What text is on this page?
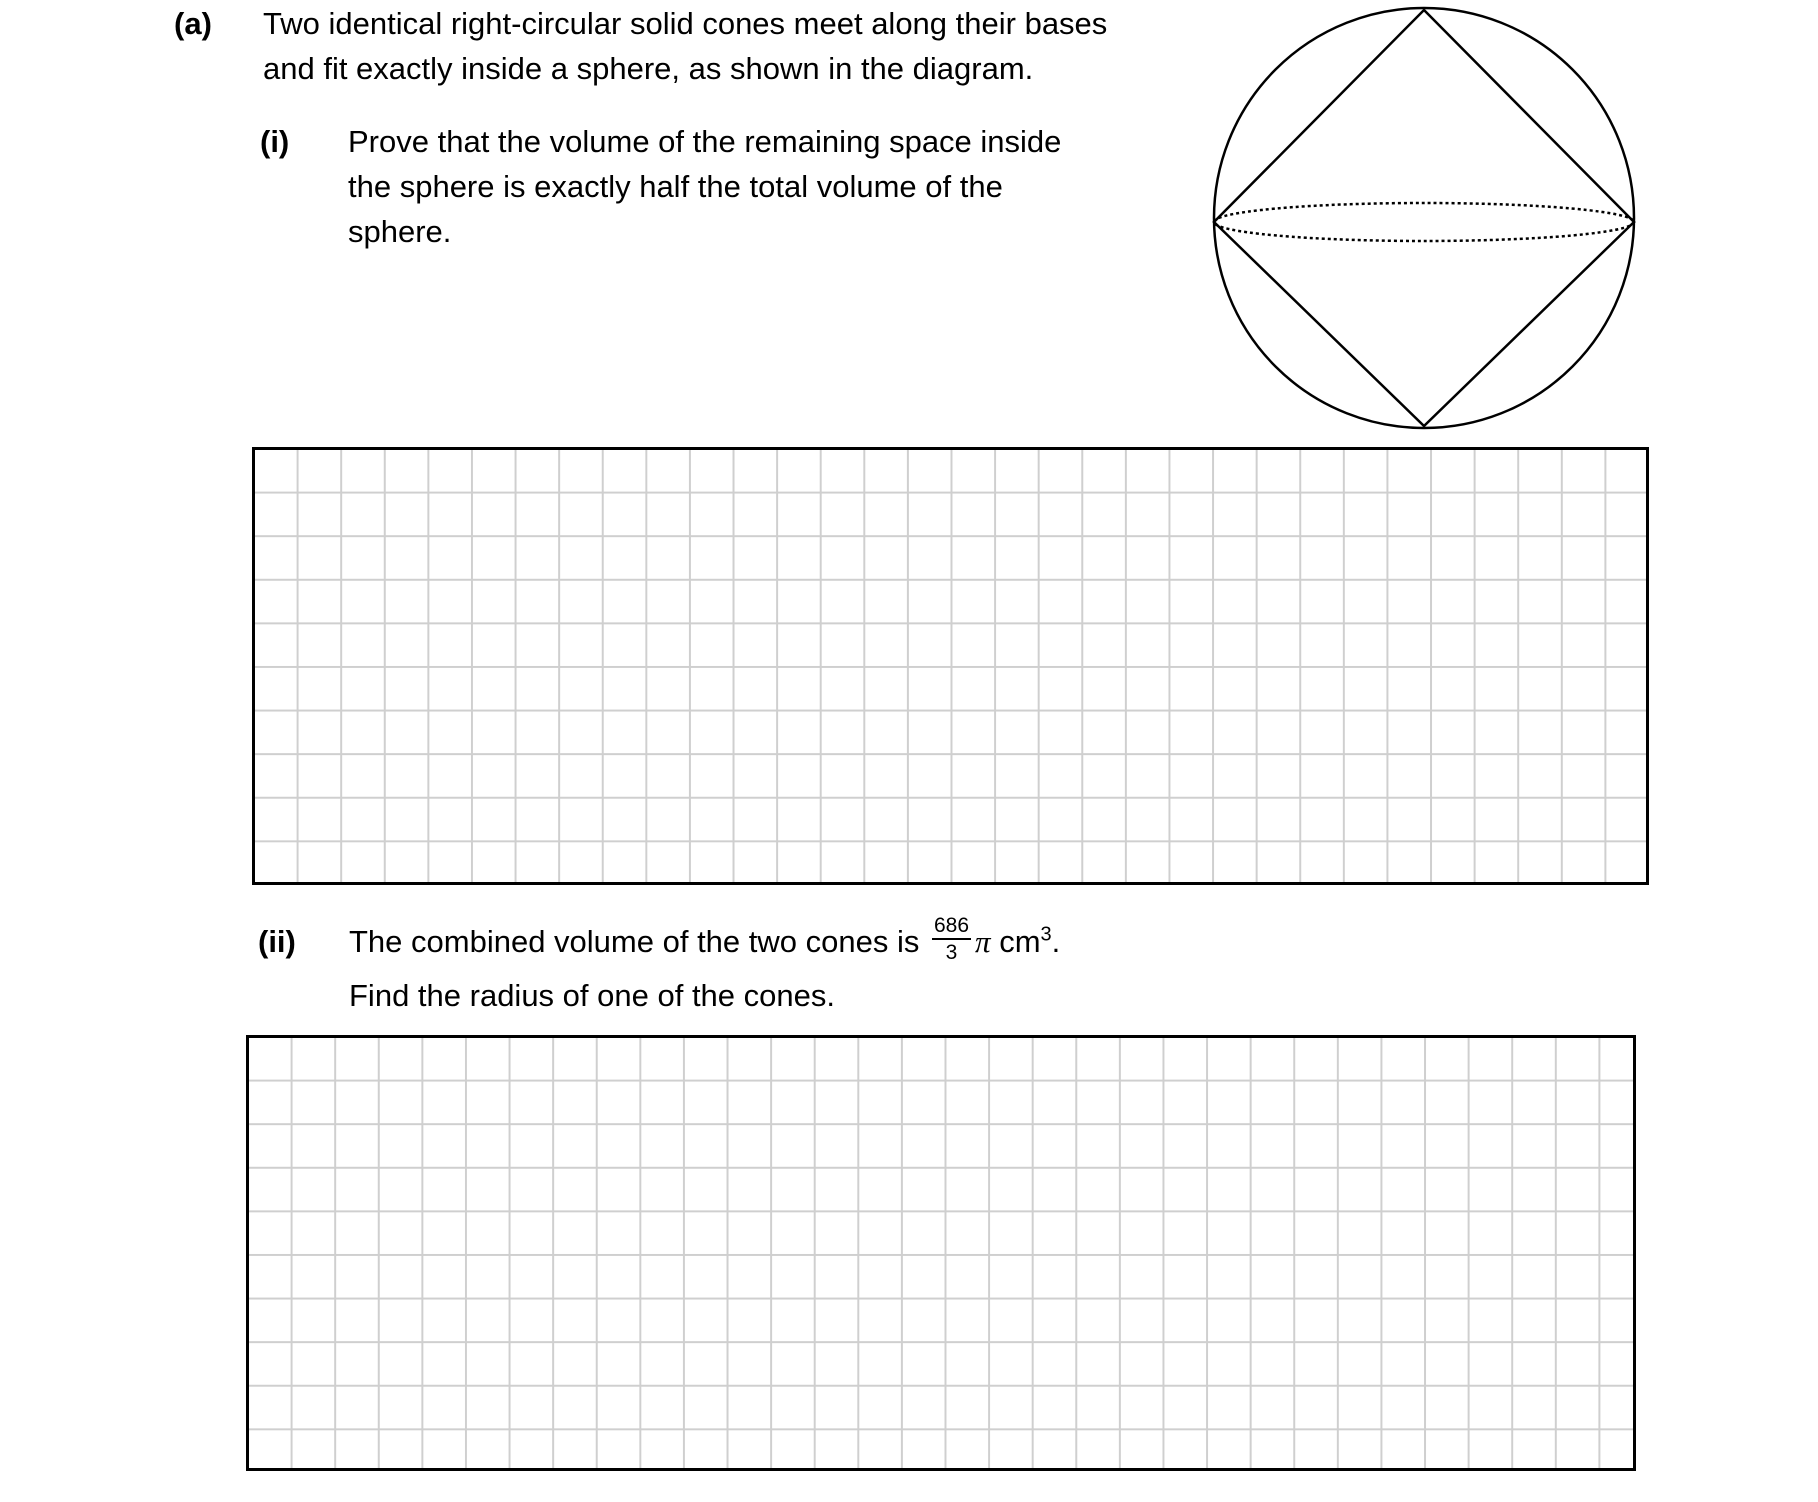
(a) Two identical right-circular solid cones meet along their bases
and fit exactly inside a sphere, as shown in the diagram.
(i) Prove that the volume of the remaining space inside
the sphere is exactly half the total volume of the
sphere.
(ii) The combined volume of the two cones is $\frac{686}{3}$ π $cm^3$.
Find the radius of one of the cones.
